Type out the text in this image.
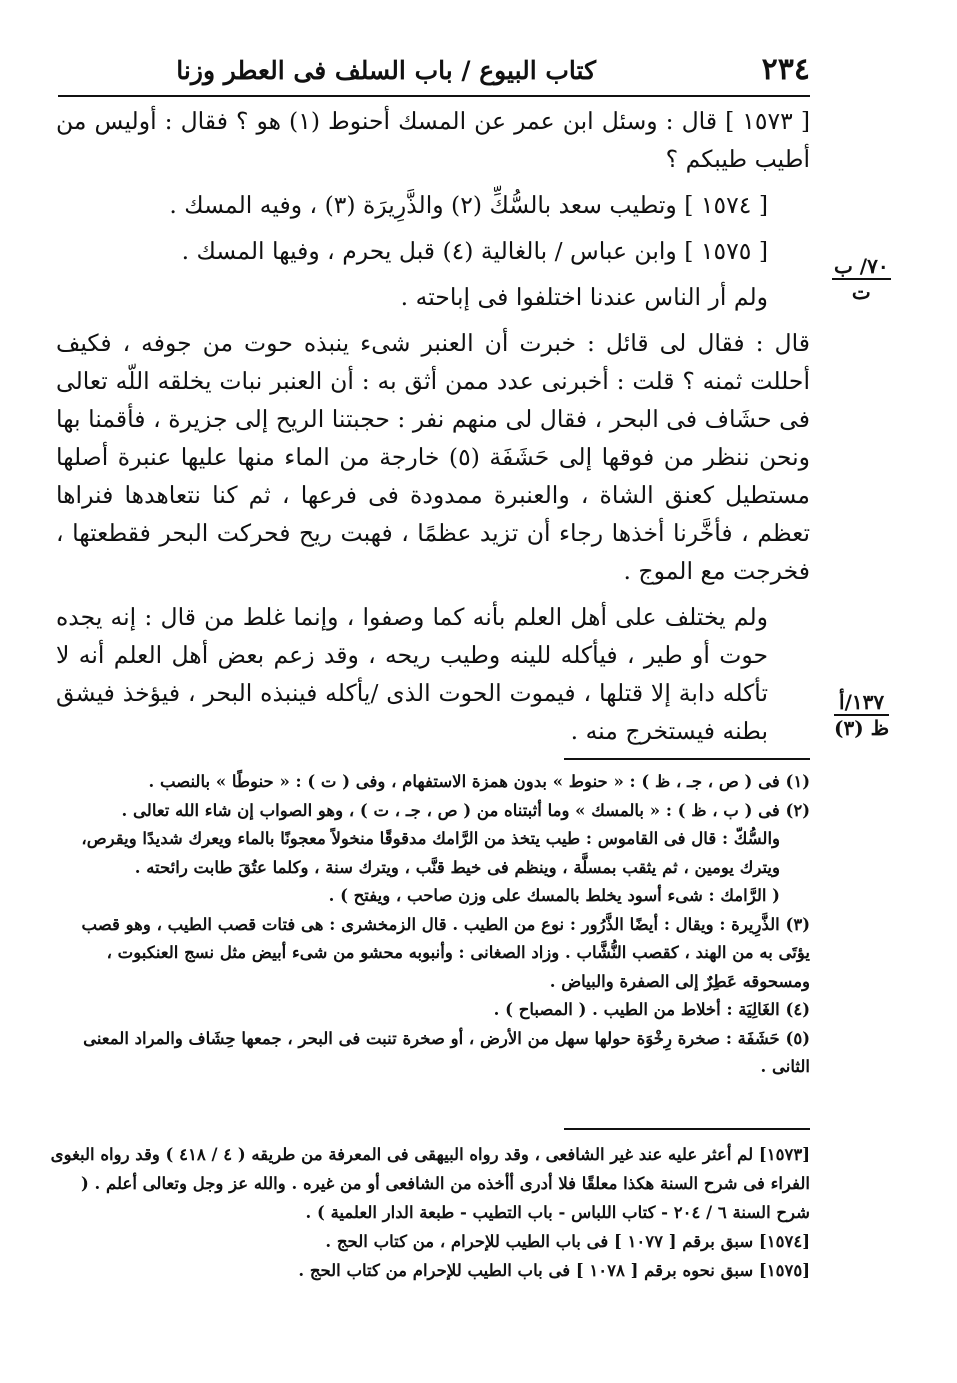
٢٣٤
كتاب البيوع / باب السلف فى العطر وزنا
٧٠/ ب
ت
١٣٧/أ
ظ (٣)

[ ١٥٧٣ ] قال : وسئل ابن عمر عن المسك أحنوط (١) هو ؟ فقال : أوليس من أطيب طيبكم ؟

[ ١٥٧٤ ] وتطيب سعد بالسُّكِّ (٢) والذَّرِيرَة (٣) ، وفيه المسك .

[ ١٥٧٥ ] وابن عباس / بالغالية (٤) قبل يحرم ، وفيها المسك .

ولم أر الناس عندنا اختلفوا فى إباحته .

قال : فقال لى قائل : خبرت أن العنبر شىء ينبذه حوت من جوفه ، فكيف أحللت ثمنه ؟ قلت : أخبرنى عدد ممن أثق به : أن العنبر نبات يخلقه اللّه تعالى فى حشَاف فى البحر ، فقال لى منهم نفر : حجبتنا الريح إلى جزيرة ، فأقمنا بها ونحن ننظر من فوقها إلى حَشَفَة (٥) خارجة من الماء منها عليها عنبرة أصلها مستطيل كعنق الشاة ، والعنبرة ممدودة فى فرعها ، ثم كنا نتعاهدها فنراها تعظم ، فأخَّرنا أخذها رجاء أن تزيد عظمًا ، فهبت ريح فحركت البحر فقطعتها ، فخرجت مع الموج .

ولم يختلف على أهل العلم بأنه كما وصفوا ، وإنما غلط من قال : إنه يجده حوت أو طير ، فيأكله للينه وطيب ريحه ، وقد زعم بعض أهل العلم أنه لا تأكله دابة إلا قتلها ، فيموت الحوت الذى /يأكله فينبذه البحر ، فيؤخذ فيشق بطنه فيستخرج منه .

(١) فى ( ص ، جـ ، ظ ) : « حنوط » بدون همزة الاستفهام ، وفى ( ت ) : « حنوطًا » بالنصب .

(٢) فى ( ب ، ظ ) : « بالمسك » وما أثبتناه من ( ص ، جـ ، ت ) ، وهو الصواب إن شاء الله تعالى .

والسُّكّ : قال فى القاموس : طيب يتخذ من الرَّامك مدقوقًا منخولاً معجونًا بالماء ويعرك شديدًا ويقرص، ويترك يومين ، ثم يثقب بمسلَّة ، وينظم فى خيط قنَّب ، ويترك سنة ، وكلما عتُقَ طابت رائحته .

( الرَّامك : شىء أسود يخلط بالمسك على وزن صاحب ، ويفتح ) .

(٣) الذَّرِيرة : ويقال : أيضًا الذَّرُور : نوع من الطيب . قال الزمخشرى : هى فتات قصب الطيب ، وهو قصب يؤتَى به من الهند ، كقصب النُّشَّاب . وزاد الصغانى : وأنبوبه محشو من شىء أبيض مثل نسج العنكبوت ، ومسحوقه عَطِرٌ إلى الصفرة والبياض .

(٤) الغَالِيَة : أخلاط من الطيب . ( المصباح ) .

(٥) حَشَفَة : صخرة رِخْوَة حولها سهل من الأرض ، أو صخرة تنبت فى البحر ، جمعها حِشَاف والمراد المعنى الثانى .

[١٥٧٣] لم أعثر عليه عند غير الشافعى ، وقد رواه البيهقى فى المعرفة من طريقه ( ٤ / ٤١٨ ) وقد رواه البغوى الفراء فى شرح السنة هكذا معلقًا فلا أدرى أأخذه من الشافعى أو من غيره . والله عز وجل وتعالى أعلم . ( شرح السنة ٦ / ٢٠٤ - كتاب اللباس - باب التطيب - طبعة الدار العلمية ) .

[١٥٧٤] سبق برقم [ ١٠٧٧ ] فى باب الطيب للإحرام ، من كتاب الحج .

[١٥٧٥] سبق نحوه برقم [ ١٠٧٨ ] فى باب الطيب للإحرام من كتاب الحج .
